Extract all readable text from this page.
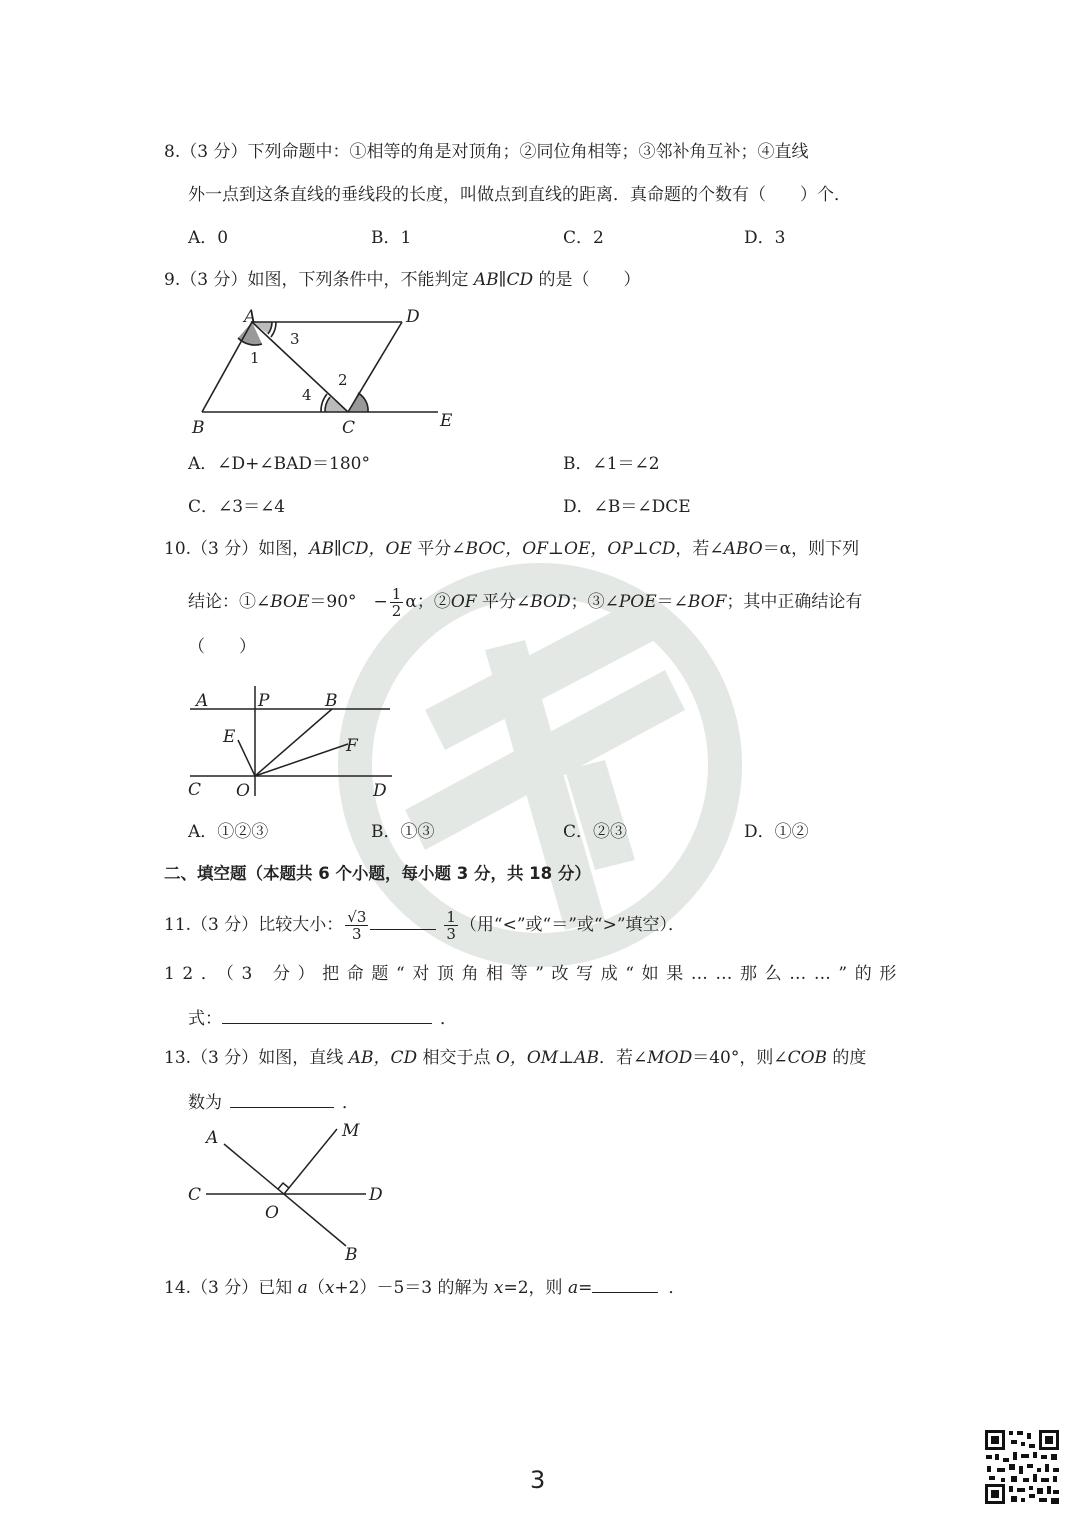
8.（3 分）下列命题中：①相等的角是对顶角；②同位角相等；③邻补角互补；④直线
外一点到这条直线的垂线段的长度，叫做点到直线的距离．真命题的个数有（　　）个．
A．0	B．1	C．2	D．3
9.（3 分）如图，下列条件中，不能判定 AB∥CD 的是（　　）
A	D
B	C	E
1
2
3
4
A．∠D+∠BAD＝180°	B．∠1＝∠2
C．∠3＝∠4	D．∠B＝∠DCE
10.（3 分）如图，AB∥CD，OE 平分∠BOC，OF⊥OE，OP⊥CD，若∠ABO＝α，则下列
结论：①∠BOE＝90°　− $\frac{1}{2}$ α；②OF 平分∠BOD；③∠POE＝∠BOF；其中正确结论有
（　　）
A	P	B
E	F
C O	D
A．①②③	B．①③	C．②③	D．①②
二、填空题（本题共 6 个小题，每小题 3 分，共 18 分）
11.（3 分）比较大小： $\frac{√3}{3}$	$\frac{1}{3}$ （用“<”或“＝”或“>”填空）．
12．（3 分）把命题“对顶角相等”改写成“如果……那么……”的形
式：	．
13.（3 分）如图，直线 AB，CD 相交于点 O，OM⊥AB．若∠MOD＝40°，则∠COB 的度
数为	．
A	M
C	D
O
B
14.（3 分）已知 a（x+2）－5＝3 的解为 x=2，则 a=	．
3
